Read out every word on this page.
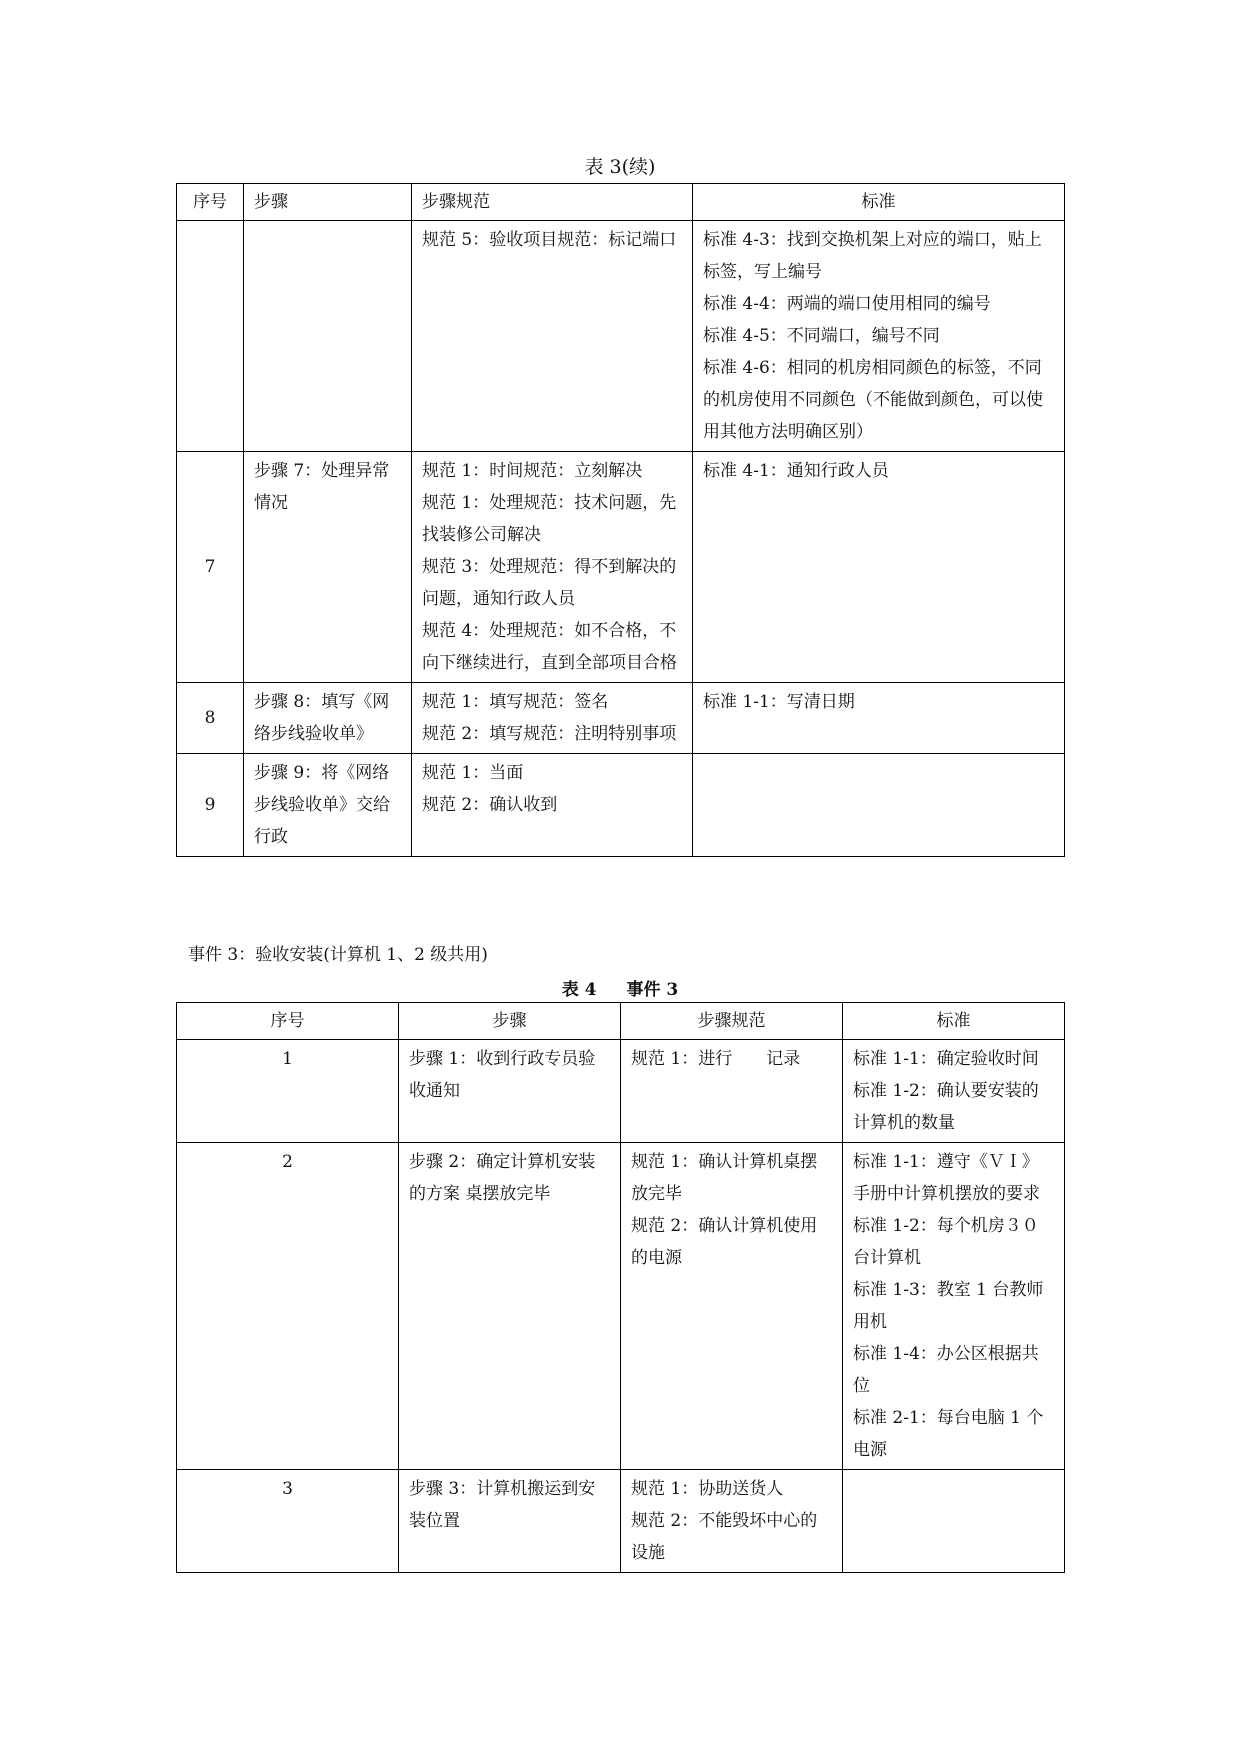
表 3(续)
序号	步骤	步骤规范	标准

		规范 5：验收项目规范：标记端口	标准 4-3：找到交换机架上对应的端口，贴上标签，写上编号
标准 4-4：两端的端口使用相同的编号
标准 4-5：不同端口，编号不同
标准 4-6：相同的机房相同颜色的标签，不同的机房使用不同颜色（不能做到颜色，可以使用其他方法明确区别）

7	步骤 7：处理异常情况	规范 1：时间规范：立刻解决
规范 1：处理规范：技术问题，先找装修公司解决
规范 3：处理规范：得不到解决的问题，通知行政人员
规范 4：处理规范：如不合格，不向下继续进行，直到全部项目合格	标准 4-1：通知行政人员

8	步骤 8：填写《网络步线验收单》	规范 1：填写规范：签名
规范 2：填写规范：注明特别事项	标准 1-1：写清日期

9	步骤 9：将《网络步线验收单》交给行政	规范 1：当面
规范 2：确认收到	

事件 3：验收安装(计算机 1、2 级共用)
表 4 事件 3
序号	步骤	步骤规范	标准
1	步骤 1：收到行政专员验收通知	规范 1：进行　　记录	标准 1-1：确定验收时间
标准 1-2：确认要安装的计算机的数量

2	步骤 2：确定计算机安装的方案 桌摆放完毕	规范 1：确认计算机桌摆放完毕
规范 2：确认计算机使用的电源	标准 1-1：遵守《ＶＩ》手册中计算机摆放的要求
标准 1-2：每个机房３０台计算机
标准 1-3：教室 1 台教师用机
标准 1-4：办公区根据共位
标准 2-1：每台电脑 1 个电源

3	步骤 3：计算机搬运到安装位置	规范 1：协助送货人
规范 2：不能毁坏中心的设施	
